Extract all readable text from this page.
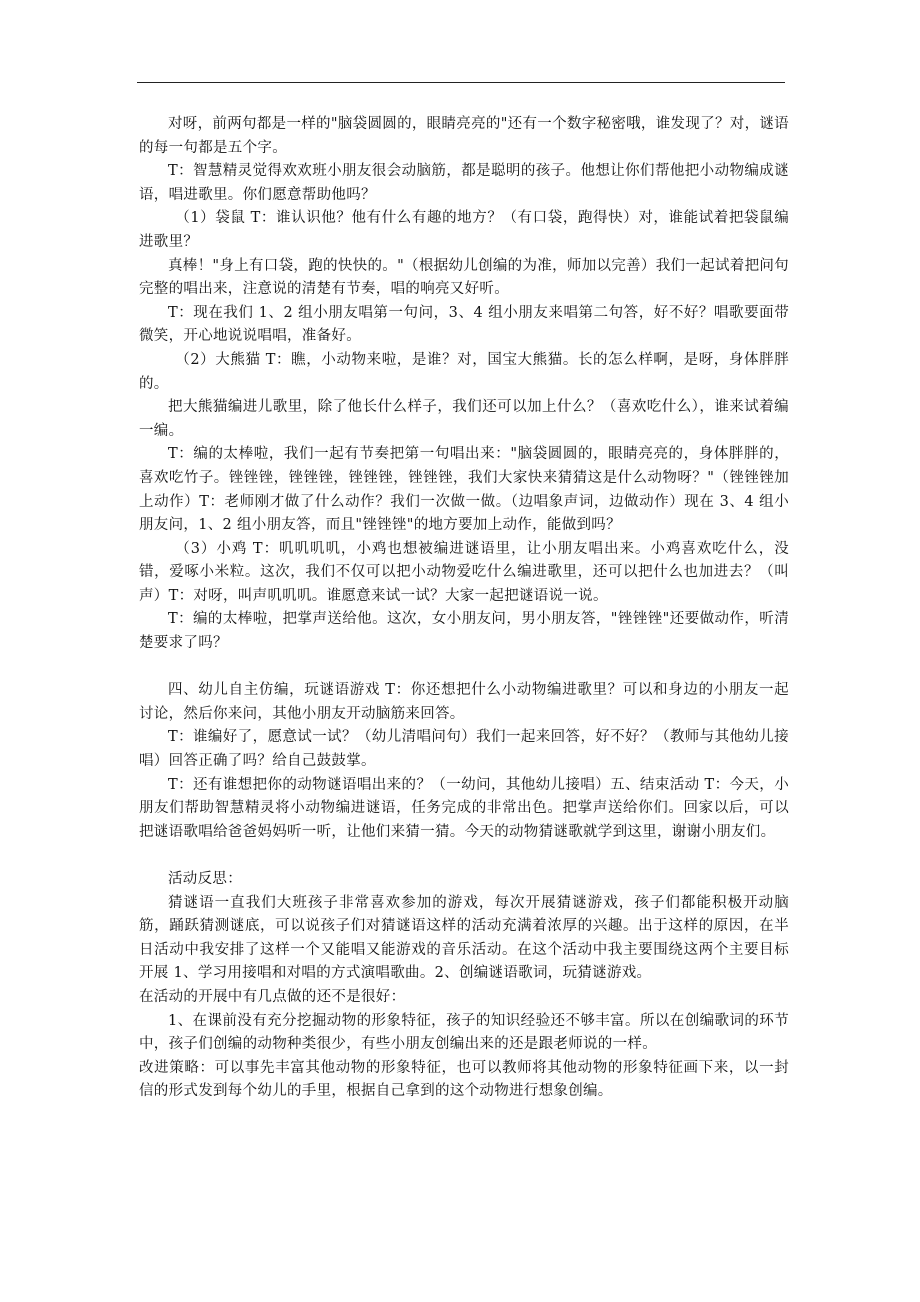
对呀，前两句都是一样的"脑袋圆圆的，眼睛亮亮的"还有一个数字秘密哦，谁发现了？对，谜语的每一句都是五个字。

T：智慧精灵觉得欢欢班小朋友很会动脑筋，都是聪明的孩子。他想让你们帮他把小动物编成谜语，唱进歌里。你们愿意帮助他吗？

（1）袋鼠 T：谁认识他？他有什么有趣的地方？（有口袋，跑得快）对，谁能试着把袋鼠编进歌里？

真棒！"身上有口袋，跑的快快的。"（根据幼儿创编的为准，师加以完善）我们一起试着把问句完整的唱出来，注意说的清楚有节奏，唱的响亮又好听。

T：现在我们 1、2 组小朋友唱第一句问，3、4 组小朋友来唱第二句答，好不好？唱歌要面带微笑，开心地说说唱唱，准备好。

（2）大熊猫 T：瞧，小动物来啦，是谁？对，国宝大熊猫。长的怎么样啊，是呀，身体胖胖　的。

把大熊猫编进儿歌里，除了他长什么样子，我们还可以加上什么？（喜欢吃什么），谁来试着编一编。

T：编的太棒啦，我们一起有节奏把第一句唱出来："脑袋圆圆的，眼睛亮亮的，身体胖胖的，喜欢吃竹子。锉锉锉，锉锉锉，锉锉锉，锉锉锉，我们大家快来猜猜这是什么动物呀？"（锉锉锉加上动作）T：老师刚才做了什么动作？我们一次做一做。（边唱象声词，边做动作）现在 3、4 组小朋友问，1、2 组小朋友答，而且"锉锉锉"的地方要加上动作，能做到吗？

（3）小鸡 T：叽叽叽叽，小鸡也想被编进谜语里，让小朋友唱出来。小鸡喜欢吃什么，没错，爱啄小米粒。这次，我们不仅可以把小动物爱吃什么编进歌里，还可以把什么也加进去？（叫声）T：对呀，叫声叽叽叽。谁愿意来试一试？大家一起把谜语说一说。

T：编的太棒啦，把掌声送给他。这次，女小朋友问，男小朋友答，"锉锉锉"还要做动作，听清楚要求了吗？

四、幼儿自主仿编，玩谜语游戏 T：你还想把什么小动物编进歌里？可以和身边的小朋友一起讨论，然后你来问，其他小朋友开动脑筋来回答。

T：谁编好了，愿意试一试？（幼儿清唱问句）我们一起来回答，好不好？（教师与其他幼儿接唱）回答正确了吗？给自己鼓鼓掌。

T：还有谁想把你的动物谜语唱出来的？（一幼问，其他幼儿接唱）五、结束活动 T：今天，小朋友们帮助智慧精灵将小动物编进谜语，任务完成的非常出色。把掌声送给你们。回家以后，可以把谜语歌唱给爸爸妈妈听一听，让他们来猜一猜。今天的动物猜谜歌就学到这里，谢谢小朋友们。

活动反思：

猜谜语一直我们大班孩子非常喜欢参加的游戏，每次开展猜谜游戏，孩子们都能积极开动脑筋，踊跃猜测谜底，可以说孩子们对猜谜语这样的活动充满着浓厚的兴趣。出于这样的原因，在半日活动中我安排了这样一个又能唱又能游戏的音乐活动。在这个活动中我主要围绕这两个主要目标开展 1、学习用接唱和对唱的方式演唱歌曲。2、创编谜语歌词，玩猜谜游戏。

在活动的开展中有几点做的还不是很好：

1、在课前没有充分挖掘动物的形象特征，孩子的知识经验还不够丰富。所以在创编歌词的环节中，孩子们创编的动物种类很少，有些小朋友创编出来的还是跟老师说的一样。

改进策略：可以事先丰富其他动物的形象特征，也可以教师将其他动物的形象特征画下来，以一封信的形式发到每个幼儿的手里，根据自己拿到的这个动物进行想象创编。
